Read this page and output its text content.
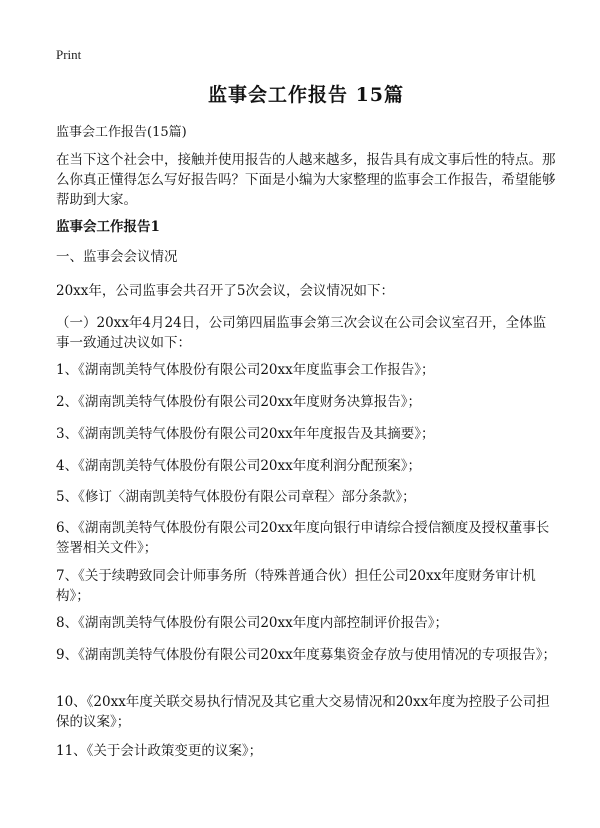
Print
监事会工作报告 15篇
监事会工作报告(15篇)
在当下这个社会中，接触并使用报告的人越来越多，报告具有成文事后性的特点。那么你真正懂得怎么写好报告吗？下面是小编为大家整理的监事会工作报告，希望能够帮助到大家。
监事会工作报告1
一、监事会会议情况
20xx年，公司监事会共召开了5次会议，会议情况如下：
（一）20xx年4月24日，公司第四届监事会第三次会议在公司会议室召开，全体监事一致通过决议如下：
1、《湖南凯美特气体股份有限公司20xx年度监事会工作报告》；
2、《湖南凯美特气体股份有限公司20xx年度财务决算报告》；
3、《湖南凯美特气体股份有限公司20xx年年度报告及其摘要》；
4、《湖南凯美特气体股份有限公司20xx年度利润分配预案》；
5、《修订〈湖南凯美特气体股份有限公司章程〉部分条款》；
6、《湖南凯美特气体股份有限公司20xx年度向银行申请综合授信额度及授权董事长签署相关文件》；
7、《关于续聘致同会计师事务所（特殊普通合伙）担任公司20xx年度财务审计机构》；
8、《湖南凯美特气体股份有限公司20xx年度内部控制评价报告》；
9、《湖南凯美特气体股份有限公司20xx年度募集资金存放与使用情况的专项报告》；
10、《20xx年度关联交易执行情况及其它重大交易情况和20xx年度为控股子公司担保的议案》；
11、《关于会计政策变更的议案》；
